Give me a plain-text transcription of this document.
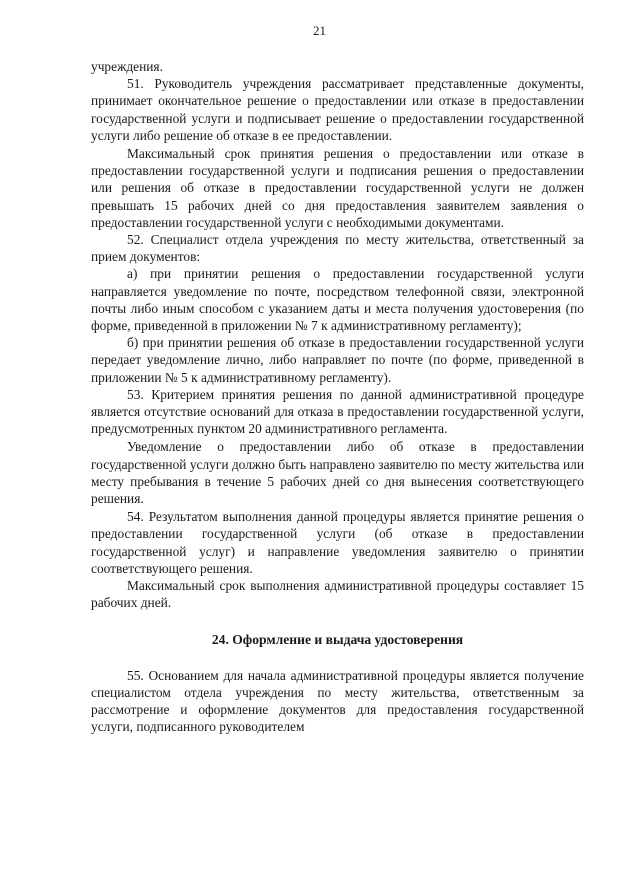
21

учреждения.

51. Руководитель учреждения рассматривает представленные документы, принимает окончательное решение о предоставлении или отказе в предоставлении государственной услуги и подписывает решение о предоставлении государственной услуги либо решение об отказе в ее предоставлении.

Максимальный срок принятия решения о предоставлении или отказе в предоставлении государственной услуги и подписания решения о предоставлении или решения об отказе в предоставлении государственной услуги не должен превышать 15 рабочих дней со дня предоставления заявителем заявления о предоставлении государственной услуги с необходимыми документами.

52. Специалист отдела учреждения по месту жительства, ответственный за прием документов:

а) при принятии решения о предоставлении государственной услуги направляется уведомление по почте, посредством телефонной связи, электронной почты либо иным способом с указанием даты и места получения удостоверения (по форме, приведенной в приложении № 7 к административному регламенту);

б) при принятии решения об отказе в предоставлении государственной услуги передает уведомление лично, либо направляет по почте (по форме, приведенной в приложении № 5 к административному регламенту).

53. Критерием принятия решения по данной административной процедуре является отсутствие оснований для отказа в предоставлении государственной услуги, предусмотренных пунктом 20 административного регламента.

Уведомление о предоставлении либо об отказе в предоставлении государственной услуги должно быть направлено заявителю по месту жительства или месту пребывания в течение 5 рабочих дней со дня вынесения соответствующего решения.

54. Результатом выполнения данной процедуры является принятие решения о предоставлении государственной услуги (об отказе в предоставлении государственной услуг) и направление уведомления заявителю о принятии соответствующего решения.

Максимальный срок выполнения административной процедуры составляет 15 рабочих дней.

24. Оформление и выдача удостоверения

55. Основанием для начала административной процедуры является получение специалистом отдела учреждения по месту жительства, ответственным за рассмотрение и оформление документов для предоставления государственной услуги, подписанного руководителем
